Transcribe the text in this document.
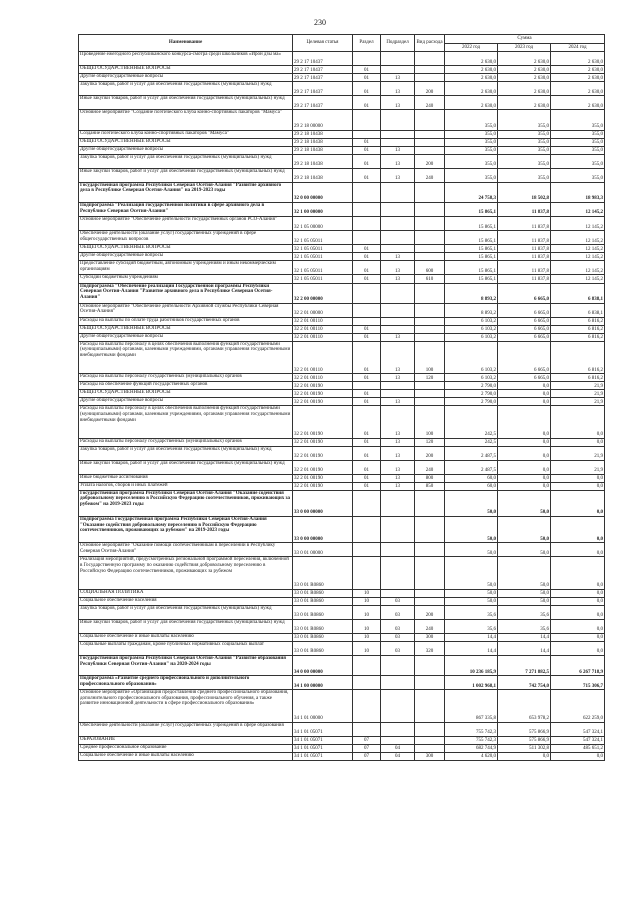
230
Наименование	Целевая статья	Раздел	Подраздел	Вид расхода	Сумма		
					2022 год	2023 год	2024 год
Проведение ежегодного республиканского конкурса-смотра среди школьников «Ирон дзы ма»	29 2 17 10437				2 630,0	2 630,0	2 630,0
ОБЩЕГОСУДАРСТВЕННЫЕ ВОПРОСЫ	29 2 17 10437	01			2 630,0	2 630,0	2 630,0
Другие общегосударственные вопросы	29 2 17 10437	01	13		2 630,0	2 630,0	2 630,0
Закупка товаров, работ и услуг для обеспечения государственных (муниципальных) нужд	29 2 17 10437	01	13	200	2 630,0	2 630,0	2 630,0
Иные закупки товаров, работ и услуг для обеспечения государственных (муниципальных) нужд	29 2 17 10437	01	13	240	2 630,0	2 630,0	2 630,0
Основное мероприятие "Создание поэтического клуба конно-спортивных пакаторов "Мамуса"	29 2 18 00000				355,0	355,0	355,0
Создание поэтического клуба конно-спортивных пакаторов "Мамуса"	29 2 18 10438				355,0	355,0	355,0
ОБЩЕГОСУДАРСТВЕННЫЕ ВОПРОСЫ	29 2 18 10438	01			355,0	355,0	355,0
Другие общегосударственные вопросы	29 2 18 10438	01	13		355,0	355,0	355,0
Закупка товаров, работ и услуг для обеспечения государственных (муниципальных) нужд	29 2 18 10438	01	13	200	355,0	355,0	355,0
Иные закупки товаров, работ и услуг для обеспечения государственных (муниципальных) нужд	29 2 18 10438	01	13	240	355,0	355,0	355,0
Государственная программа Республики Северная Осетия-Алания "Развитие архивного дела в Республике Северная Осетия-Алания" на 2019-2023 годы	32 0 00 00000				24 758,3	18 502,8	18 983,3
Подпрограмма "Реализация государственной политики в сфере архивного дела в Республике Северная Осетия-Алания"	32 1 00 00000				15 865,1	11 837,8	12 145,2
Основное мероприятие "Обеспечение деятельности государственных органов РСО-Алания"	32 1 05 00000				15 865,1	11 837,8	12 145,2
Обеспечение деятельности (оказание услуг) государственных учреждений в сфере общегосударственных вопросов	32 1 05 05011				15 865,1	11 837,8	12 145,2
ОБЩЕГОСУДАРСТВЕННЫЕ ВОПРОСЫ	32 1 05 05011	01			15 865,1	11 837,8	12 145,2
Другие общегосударственные вопросы	32 1 05 05011	01	13		15 865,1	11 837,8	12 145,2
Предоставление субсидий бюджетным, автономным учреждениям и иным некоммерческим организациям	32 1 05 05011	01	13	600	15 865,1	11 837,8	12 145,2
Субсидии бюджетным учреждениям	32 1 05 05011	01	13	610	15 865,1	11 837,8	12 145,2
Подпрограмма "Обеспечение реализации Государственной программы Республики Северная Осетия-Алания "Развитие архивного дела в Республике Северная Осетия-Алания"	32 2 00 00000				8 893,2	6 665,0	6 838,1
Основное мероприятие "Обеспечение деятельности Архивной службы Республики Северная Осетия-Алания"	32 2 01 00000				8 893,2	6 665,0	6 838,1
Расходы на выплаты по оплате труда работников государственных органов	32 2 01 00110				6 103,2	6 665,0	6 816,2
ОБЩЕГОСУДАРСТВЕННЫЕ ВОПРОСЫ	32 2 01 00110	01			6 103,2	6 665,0	6 816,2
Другие общегосударственные вопросы	32 2 01 00110	01	13		6 103,2	6 665,0	6 816,2
Расходы на выплаты персоналу в целях обеспечения выполнения функций государственными (муниципальными) органами, казенными учреждениями, органами управления государственными внебюджетными фондами	32 2 01 00110	01	13	100	6 103,2	6 665,0	6 816,2
Расходы на выплаты персоналу государственных (муниципальных) органов	32 2 01 00110	01	13	120	6 103,2	6 665,0	6 816,2
Расходы на обеспечение функций государственных органов	32 2 01 00190				2 790,0	0,0	21,9
ОБЩЕГОСУДАРСТВЕННЫЕ ВОПРОСЫ	32 2 01 00190	01			2 790,0	0,0	21,9
Другие общегосударственные вопросы	32 2 01 00190	01	13		2 790,0	0,0	21,9
Расходы на выплаты персоналу в целях обеспечения выполнения функций государственными (муниципальными) органами, казенными учреждениями, органами управления государственными внебюджетными фондами	32 2 01 00190	01	13	100	242,5	0,0	0,0
Расходы на выплаты персоналу государственных (муниципальных) органов	32 2 01 00190	01	13	120	242,5	0,0	0,0
Закупка товаров, работ и услуг для обеспечения государственных (муниципальных) нужд	32 2 01 00190	01	13	200	2 487,5	0,0	21,9
Иные закупки товаров, работ и услуг для обеспечения государственных (муниципальных) нужд	32 2 01 00190	01	13	240	2 487,5	0,0	21,9
Иные бюджетные ассигнования	32 2 01 00190	01	13	800	60,0	0,0	0,0
Уплата налогов, сборов и иных платежей	32 2 01 00190	01	13	850	60,0	0,0	0,0
Государственная программа Республики Северная Осетия-Алания "Оказание содействия добровольному переселению в Российскую Федерацию соотечественников, проживающих за рубежом" на 2019-2023 годы	33 0 00 00000				50,0	50,0	0,0
Подпрограмма Государственная программа Республики Северная Осетия-Алания "Оказание содействия добровольному переселению в Российскую Федерацию соотечественников, проживающих за рубежом" на 2019-2023 годы	33 0 00 00000				50,0	50,0	0,0
Основное мероприятие "Оказание помощи соотечественникам в переселении в Республику Северная Осетия-Алания"	33 0 01 00000				50,0	50,0	0,0
Реализация мероприятий, предусмотренных региональной программой переселения, включенной в Государственную программу по оказанию содействия добровольному переселению в Российскую Федерацию соотечественников, проживающих за рубежом	33 0 01 R0860				50,0	50,0	0,0
СОЦИАЛЬНАЯ ПОЛИТИКА	33 0 01 R0860	10			50,0	50,0	0,0
Социальное обеспечение населения	33 0 01 R0860	10	03		50,0	50,0	0,0
Закупка товаров, работ и услуг для обеспечения государственных (муниципальных) нужд	33 0 01 R0860	10	03	200	35,6	35,6	0,0
Иные закупки товаров, работ и услуг для обеспечения государственных (муниципальных) нужд	33 0 01 R0860	10	03	240	35,6	35,6	0,0
Социальное обеспечение и иные выплаты населению	33 0 01 R0860	10	03	300	14,4	14,4	0,0
Социальные выплаты гражданам, кроме публичных нормативных социальных выплат	33 0 01 R0860	10	03	320	14,4	14,4	0,0
Государственная программа Республики Северная Осетия-Алания "Развитие образования Республики Северная Осетия-Алания" на 2020-2024 годы	34 0 00 00000				10 236 185,9	7 271 882,5	6 267 718,9
Подпрограмма «Развитие среднего профессионального и дополнительного профессионального образования»	34 1 00 00000				1 002 968,1	742 754,0	715 306,7
Основное мероприятие «Организация предоставления среднего профессионального образования, дополнительного профессионального образования, профессионального обучения, а также развитие инновационной деятельности в сфере профессионального образования»	34 1 01 00000				867 335,8	653 978,2	622 259,0
Обеспечение деятельности (оказание услуг) государственных учреждений в сфере образования	34 1 01 05071				755 742,3	575 866,9	547 324,1
ОБРАЗОВАНИЕ	34 1 01 05071	07			755 742,3	575 866,9	547 324,1
Среднее профессиональное образование	34 1 01 05071	07	04		682 744,9	511 302,8	485 651,2
Социальное обеспечение и иные выплаты населению	34 1 01 05071	07	04	300	4 620,0	0,0	0,0
